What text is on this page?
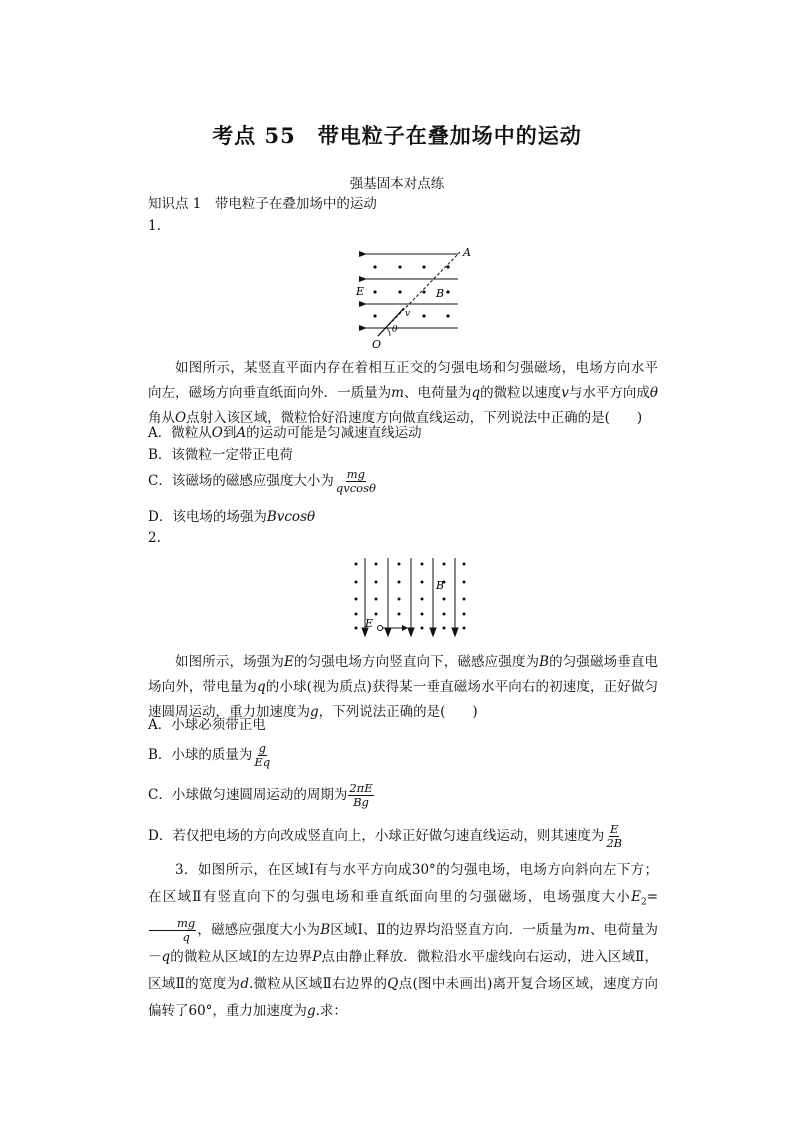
考点 55　带电粒子在叠加场中的运动
强基固本对点练
知识点 1　带电粒子在叠加场中的运动
1.
A
E	B
v
θ
O
如图所示，某竖直平面内存在着相互正交的匀强电场和匀强磁场，电场方向水平向左，磁场方向垂直纸面向外．一质量为m、电荷量为q的微粒以速度v与水平方向成θ角从O点射入该区域，微粒恰好沿速度方向做直线运动，下列说法中正确的是(　　)
A．微粒从O到A的运动可能是匀减速直线运动
B．该微粒一定带正电荷
C．该磁场的磁感应强度大小为 $\frac{mg}{qvcos\theta}$
D．该电场的场强为Bvcosθ
2.
B
E
如图所示，场强为E的匀强电场方向竖直向下，磁感应强度为B的匀强磁场垂直电场向外，带电量为q的小球(视为质点)获得某一垂直磁场水平向右的初速度，正好做匀速圆周运动，重力加速度为g，下列说法正确的是(　　)
A．小球必须带正电
B．小球的质量为 $\frac{g}{Eq}$
C．小球做匀速圆周运动的周期为 $\frac{2\pi E}{Bg}$
D．若仅把电场的方向改成竖直向上，小球正好做匀速直线运动，则其速度为 $\frac{E}{2B}$
3．如图所示，在区域Ⅰ有与水平方向成30°的匀强电场，电场方向斜向左下方；在区域Ⅱ有竖直向下的匀强电场和垂直纸面向里的匀强磁场，电场强度大小$E_2=$
$\frac{mg}{q}$ ，磁感应强度大小为B区域Ⅰ、Ⅱ的边界均沿竖直方向．一质量为m、电荷量为－q的微粒从区域Ⅰ的左边界P点由静止释放．微粒沿水平虚线向右运动，进入区域Ⅱ，区域Ⅱ的宽度为d.微粒从区域Ⅱ右边界的Q点(图中未画出)离开复合场区域，速度方向偏转了60°，重力加速度为g.求：
